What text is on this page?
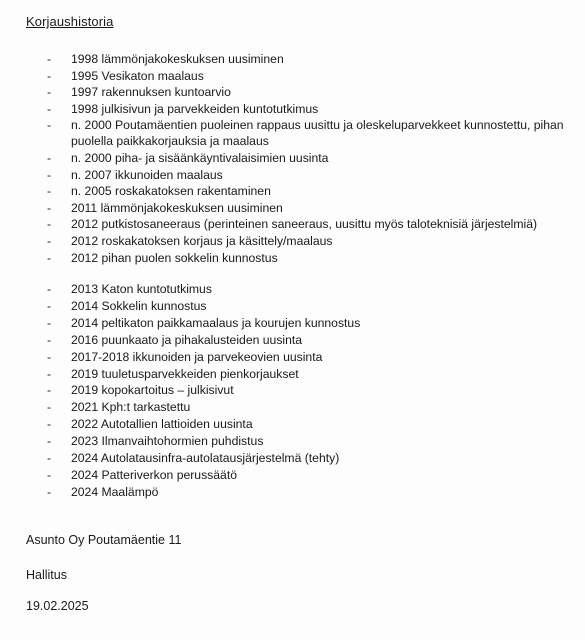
Korjaushistoria
- 1998 lämmönjakokeskuksen uusiminen
- 1995 Vesikaton maalaus
- 1997 rakennuksen kuntoarvio
- 1998 julkisivun ja parvekkeiden kuntotutkimus
- n. 2000 Poutamäentien puoleinen rappaus uusittu ja oleskeluparvekkeet kunnostettu, pihan puolella paikkakorjauksia ja maalaus
- n. 2000 piha- ja sisäänkäyntivalaisimien uusinta
- n. 2007 ikkunoiden maalaus
- n. 2005 roskakatoksen rakentaminen
- 2011 lämmönjakokeskuksen uusiminen
- 2012 putkistosaneeraus (perinteinen saneeraus, uusittu myös taloteknisiä järjestelmiä)
- 2012 roskakatoksen korjaus ja käsittely/maalaus
- 2012 pihan puolen sokkelin kunnostus
- 2013 Katon kuntotutkimus
- 2014 Sokkelin kunnostus
- 2014 peltikaton paikkamaalaus ja kourujen kunnostus
- 2016 puunkaato ja pihakalusteiden uusinta
- 2017-2018 ikkunoiden ja parvekeovien uusinta
- 2019 tuuletusparvekkeiden pienkorjaukset
- 2019 kopokartoitus – julkisivut
- 2021 Kph:t tarkastettu
- 2022 Autotallien lattioiden uusinta
- 2023 Ilmanvaihtohormien puhdistus
- 2024 Autolatausinfra-autolatausjärjestelmä (tehty)
- 2024 Patteriverkon perussäätö
- 2024 Maalämpö
Asunto Oy Poutamäentie 11
Hallitus
19.02.2025
